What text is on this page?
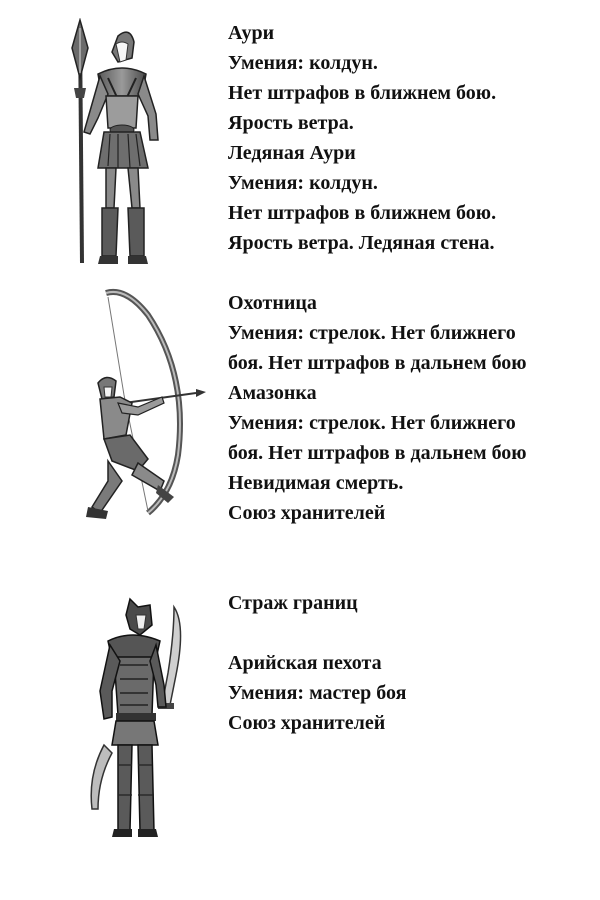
Аури
Умения: колдун.
Нет штрафов в ближнем бою.
Ярость ветра.
Ледяная Аури
Умения: колдун.
Нет штрафов в ближнем бою.
Ярость ветра. Ледяная стена.
Охотница
Умения: стрелок. Нет ближнего
боя. Нет штрафов в дальнем бою
Амазонка
Умения: стрелок. Нет ближнего
боя. Нет штрафов в дальнем бою
Невидимая смерть.
Союз хранителей
Страж границ
Арийская пехота
Умения: мастер боя
Союз хранителей
